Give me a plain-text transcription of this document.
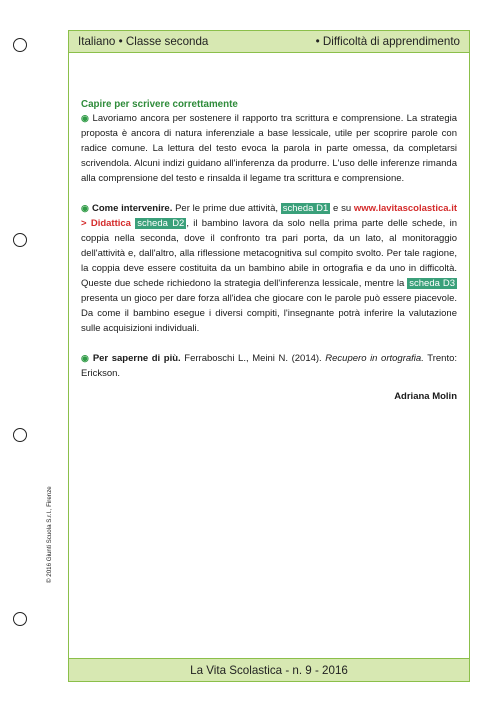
© 2016 Giunti Scuola S.r.l., Firenze
Italiano • Classe seconda	• Difficoltà di apprendimento
Capire per scrivere correttamente

◉ Lavoriamo ancora per sostenere il rapporto tra scrittura e comprensione. La strategia proposta è ancora di natura inferenziale a base lessicale, utile per scoprire parole con radice comune. La lettura del testo evoca la parola in parte omessa, da completarsi scrivendola. Alcuni indizi guidano all'inferenza da produrre. L'uso delle inferenze rimanda alla comprensione del testo e rinsalda il legame tra scrittura e comprensione.

◉ Come intervenire. Per le prime due attività, scheda D1 e su www.lavitascolastica.it > Didattica scheda D2 , il bambino lavora da solo nella prima parte delle schede, in coppia nella seconda, dove il confronto tra pari porta, da un lato, al monitoraggio dell'attività e, dall'altro, alla riflessione metacognitiva sul compito svolto. Per tale ragione, la coppia deve essere costituita da un bambino abile in ortografia e da uno in difficoltà. Queste due schede richiedono la strategia dell'inferenza lessicale, mentre la scheda D3 presenta un gioco per dare forza all'idea che giocare con le parole può essere piacevole. Da come il bambino esegue i diversi compiti, l'insegnante potrà inferire la valutazione sulle acquisizioni individuali.

◉ Per saperne di più. Ferraboschi L., Meini N. (2014). Recupero in ortografia. Trento: Erickson.

Adriana Molin
La Vita Scolastica - n. 9 - 2016
